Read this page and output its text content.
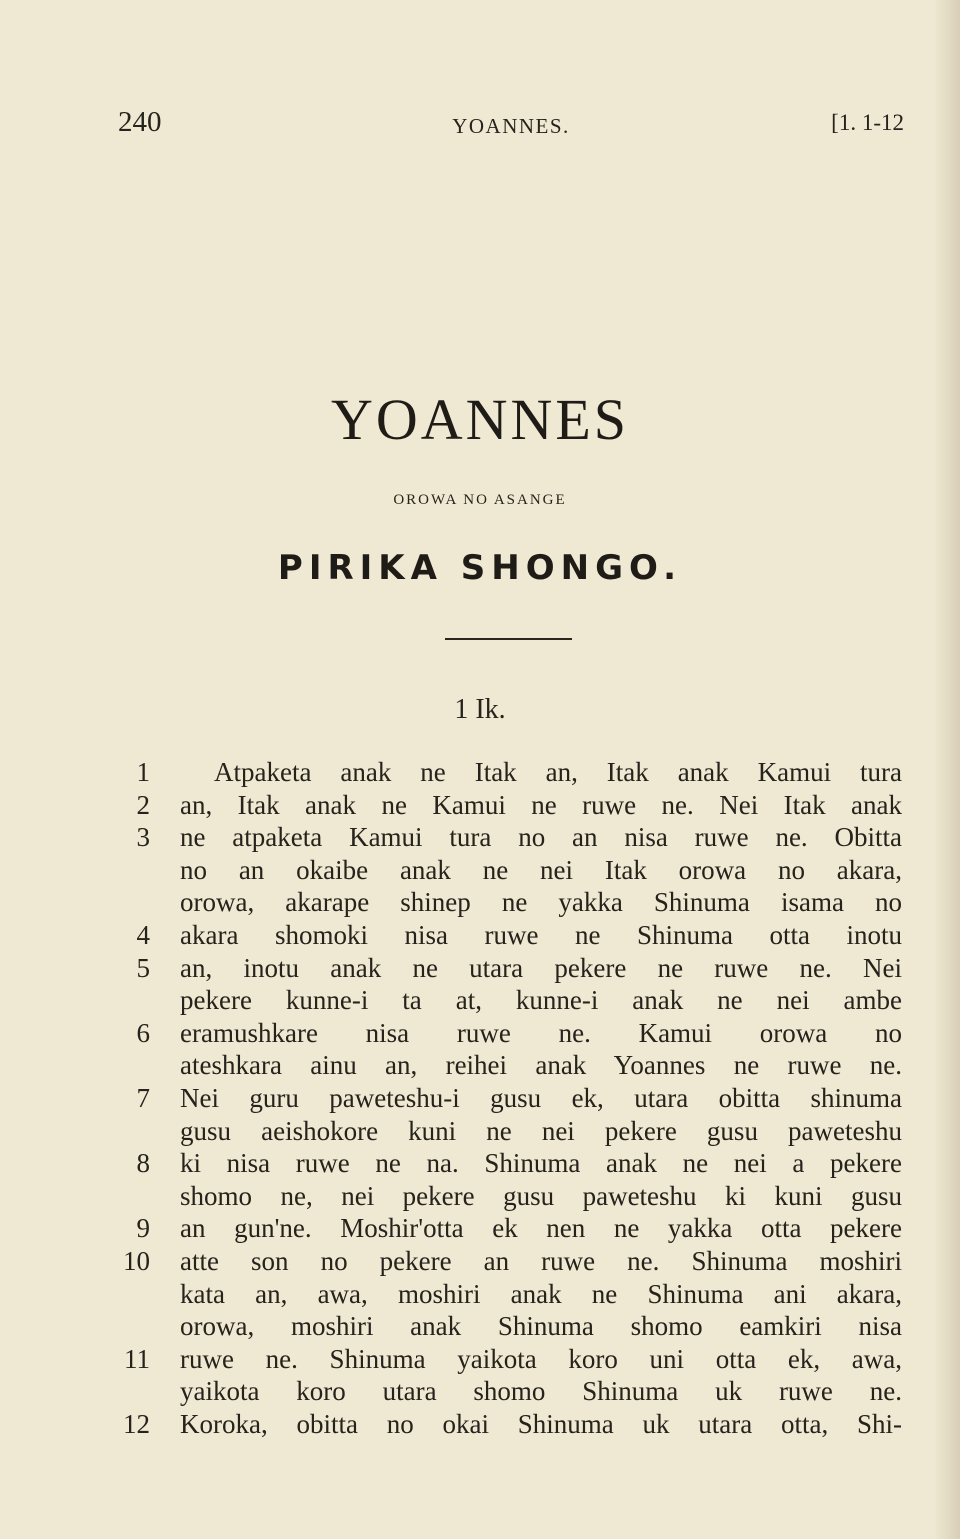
240	YOANNES.	[1. 1-12
YOANNES
OROWA NO ASANGE
PIRIKA SHONGO.
1 Ik.
1
2
3
4
5
6
7
8
9
10
11
12
Atpaketa anak ne Itak an, Itak anak Kamui tura
an, Itak anak ne Kamui ne ruwe ne. Nei Itak anak
ne atpaketa Kamui tura no an nisa ruwe ne. Obitta
no an okaibe anak ne nei Itak orowa no akara,
orowa, akarape shinep ne yakka Shinuma isama no
akara shomoki nisa ruwe ne Shinuma otta inotu
an, inotu anak ne utara pekere ne ruwe ne. Nei
pekere kunne-i ta at, kunne-i anak ne nei ambe
eramushkare nisa ruwe ne. Kamui orowa no
ateshkara ainu an, reihei anak Yoannes ne ruwe ne.
Nei guru paweteshu-i gusu ek, utara obitta shinuma
gusu aeishokore kuni ne nei pekere gusu paweteshu
ki nisa ruwe ne na. Shinuma anak ne nei a pekere
shomo ne, nei pekere gusu paweteshu ki kuni gusu
an gun'ne. Moshir'otta ek nen ne yakka otta pekere
atte son no pekere an ruwe ne. Shinuma moshiri
kata an, awa, moshiri anak ne Shinuma ani akara,
orowa, moshiri anak Shinuma shomo eamkiri nisa
ruwe ne. Shinuma yaikota koro uni otta ek, awa,
yaikota koro utara shomo Shinuma uk ruwe ne.
Koroka, obitta no okai Shinuma uk utara otta, Shi-
